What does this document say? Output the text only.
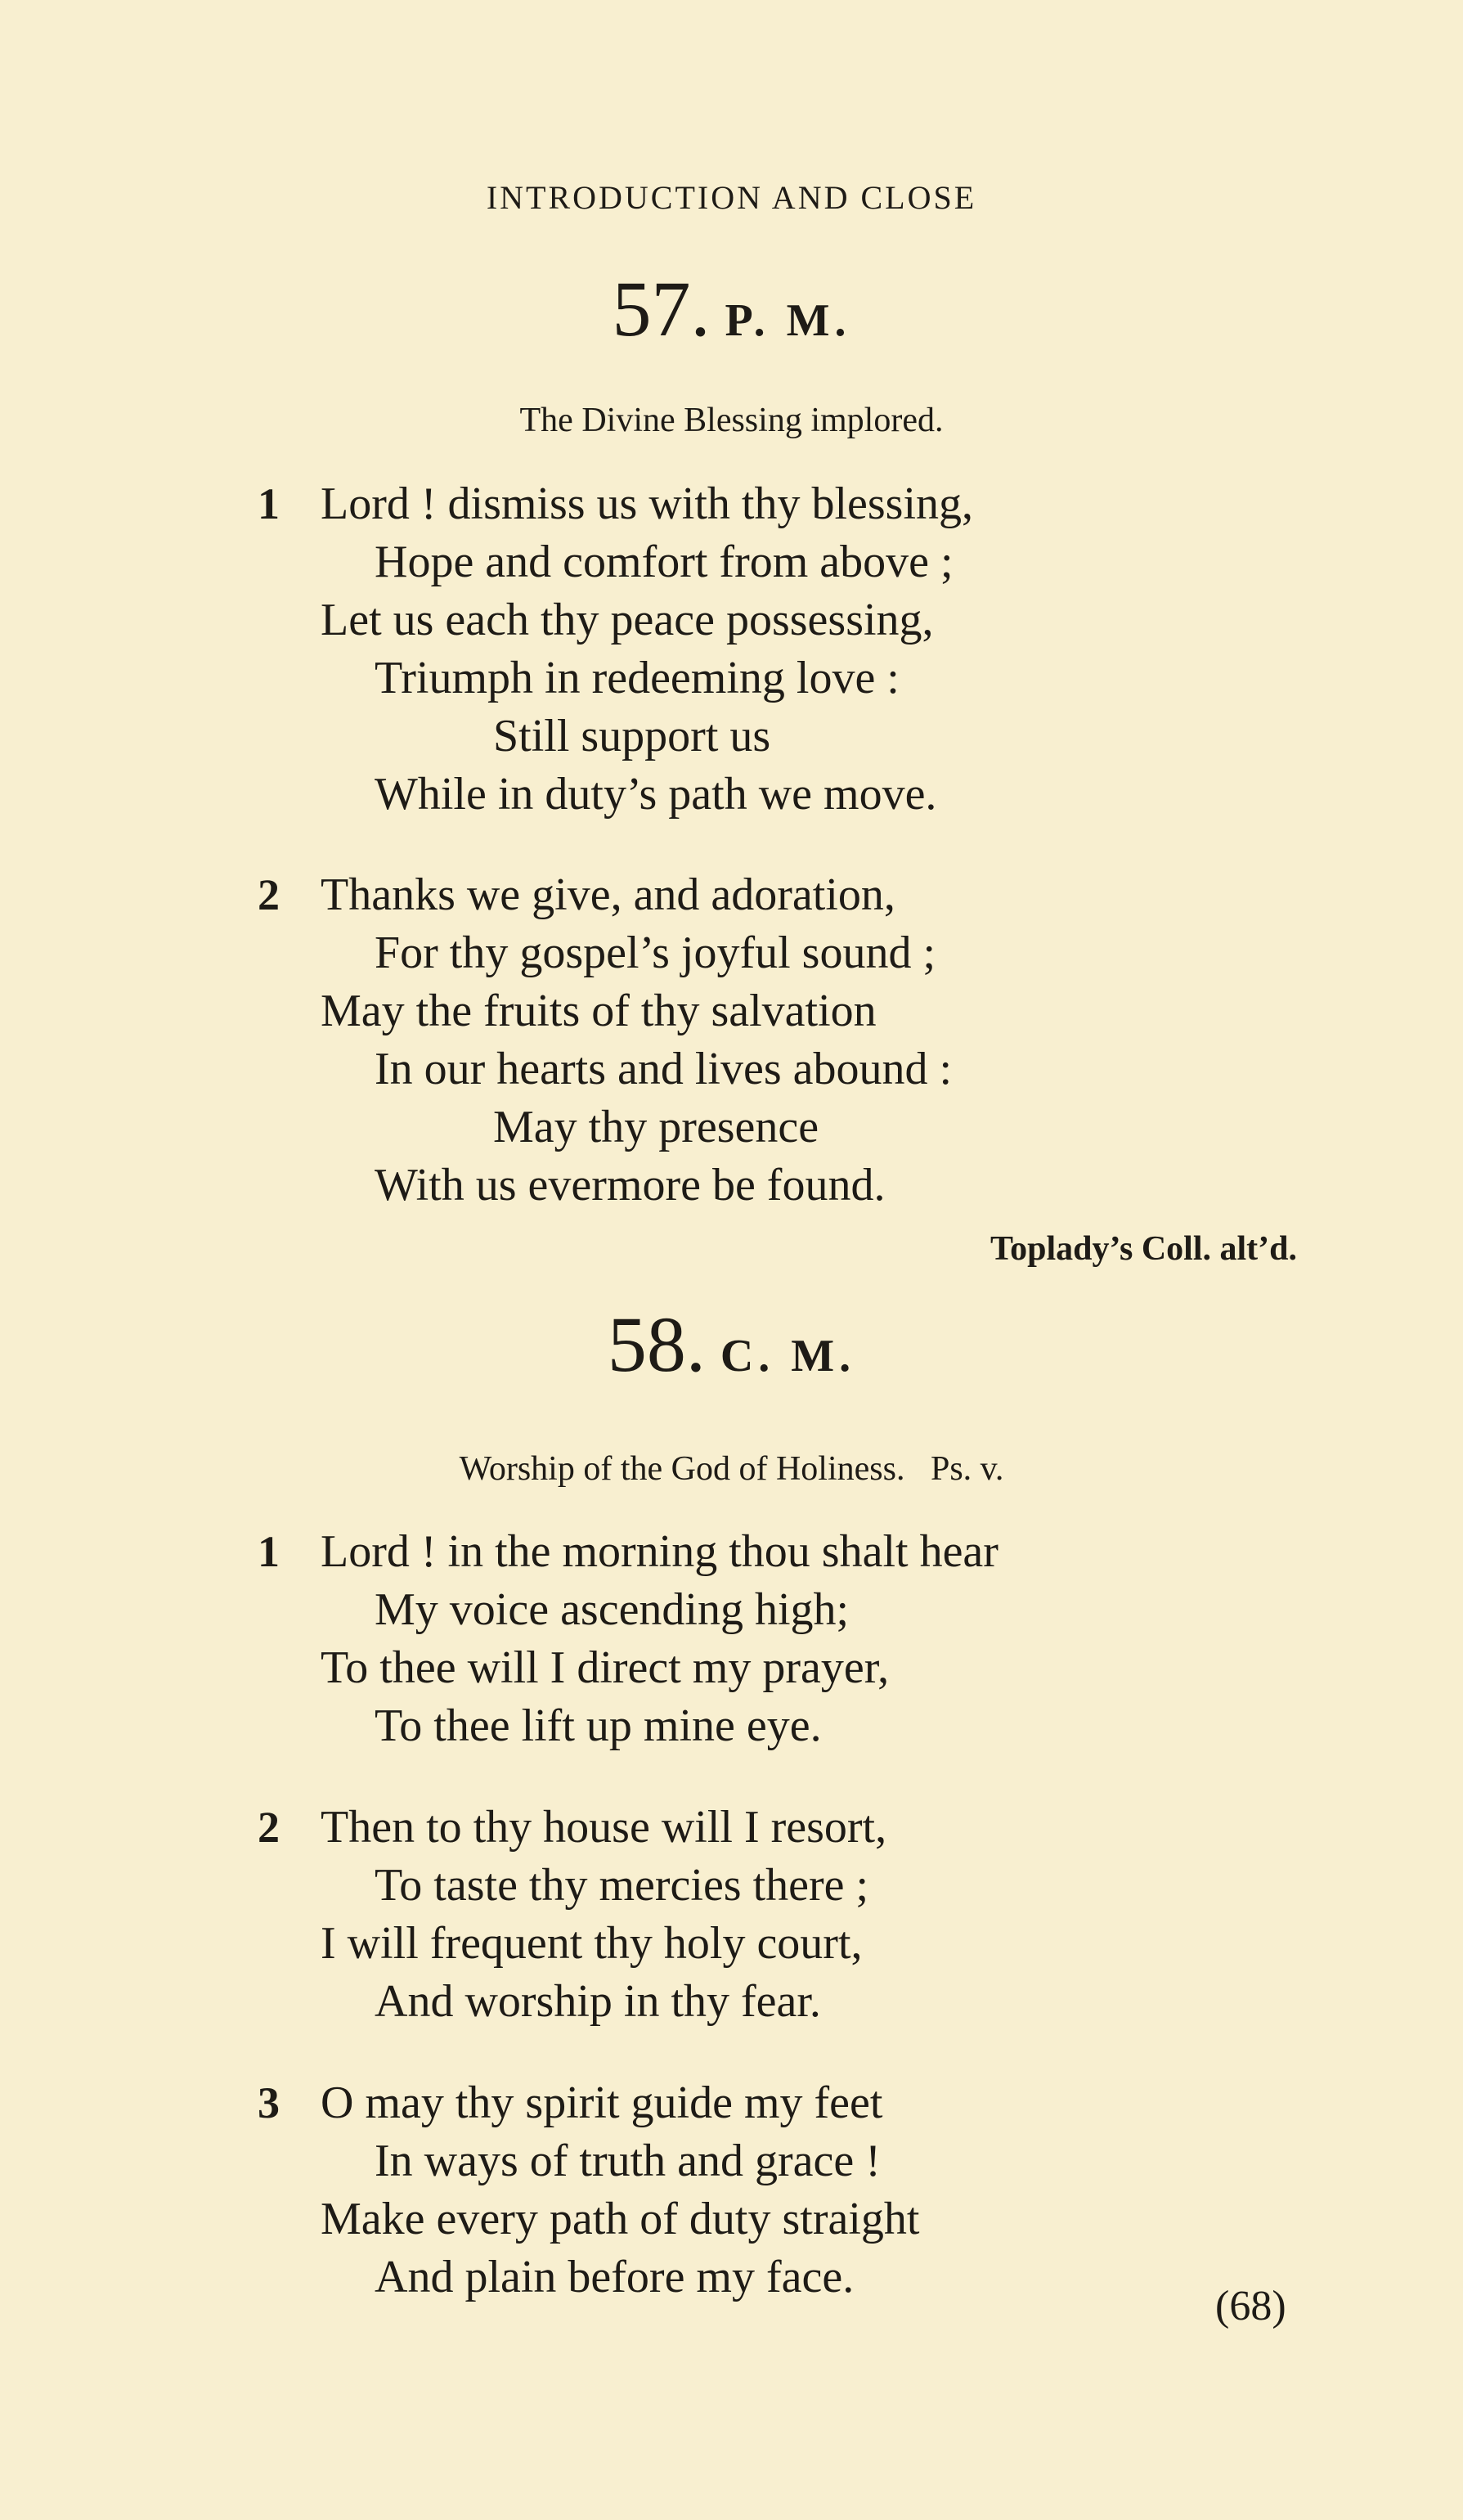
INTRODUCTION AND CLOSE
57. P. M.
The Divine Blessing implored.
1 Lord ! dismiss us with thy blessing,
Hope and comfort from above ;
Let us each thy peace possessing,
Triumph in redeeming love :
Still support us
While in duty’s path we move.
2 Thanks we give, and adoration,
For thy gospel’s joyful sound ;
May the fruits of thy salvation
In our hearts and lives abound :
May thy presence
With us evermore be found.
Toplady’s Coll. alt’d.
58. C. M.
Worship of the God of Holiness.   Ps. v.
1 Lord ! in the morning thou shalt hear
My voice ascending high;
To thee will I direct my prayer,
To thee lift up mine eye.
2 Then to thy house will I resort,
To taste thy mercies there ;
I will frequent thy holy court,
And worship in thy fear.
3 O may thy spirit guide my feet
In ways of truth and grace !
Make every path of duty straight
And plain before my face.
(68)
